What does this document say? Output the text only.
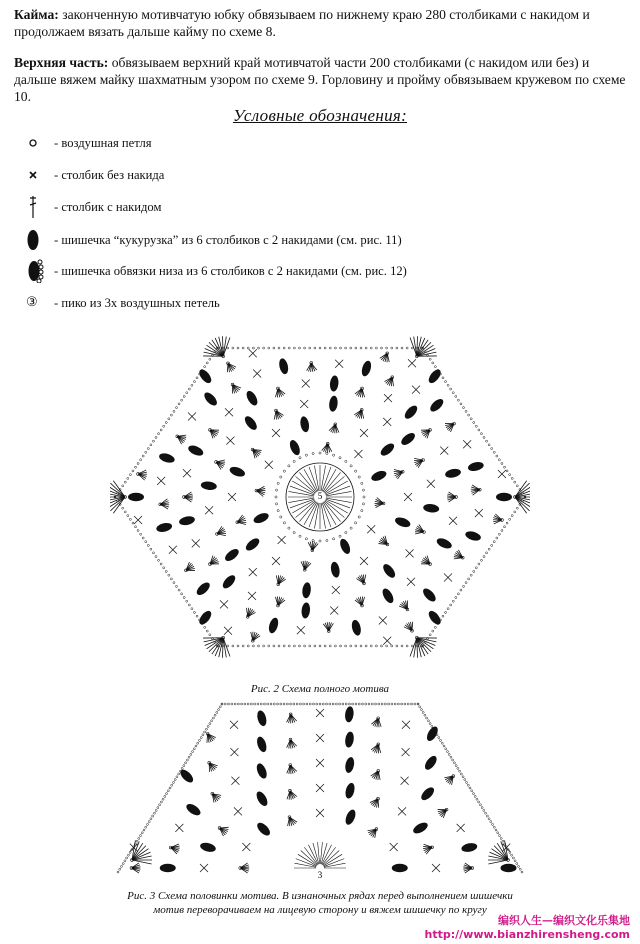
Кайма: законченную мотивчатую юбку обвязываем по нижнему краю 280 столбиками с накидом и продолжаем вязать дальше кайму по схеме 8.
Верхняя часть: обвязываем верхний край мотивчатой части 200 столбиками (с накидом или без) и дальше вяжем майку шахматным узором по схеме 9. Горловину и пройму обвязываем кружевом по схеме 10.
Условные обозначения:
- воздушная петля
- столбик без накида
- столбик с накидом
- шишечка “кукурузка” из 6 столбиков с 2 накидами (см. рис. 11)
- шишечка обвязки низа из 6 столбиков с 2 накидами (см. рис. 12)
③	- пико из 3х воздушных петель
5
Рис. 2 Схема полного мотива
3
Рис. 3 Схема половинки мотива. В изнаночных рядах перед выполнением шишечки
мотив переворачиваем на лицевую сторону и вяжем шишечку по кругу
编织人生—编织文化乐集地
http://www.bianzhirensheng.com
